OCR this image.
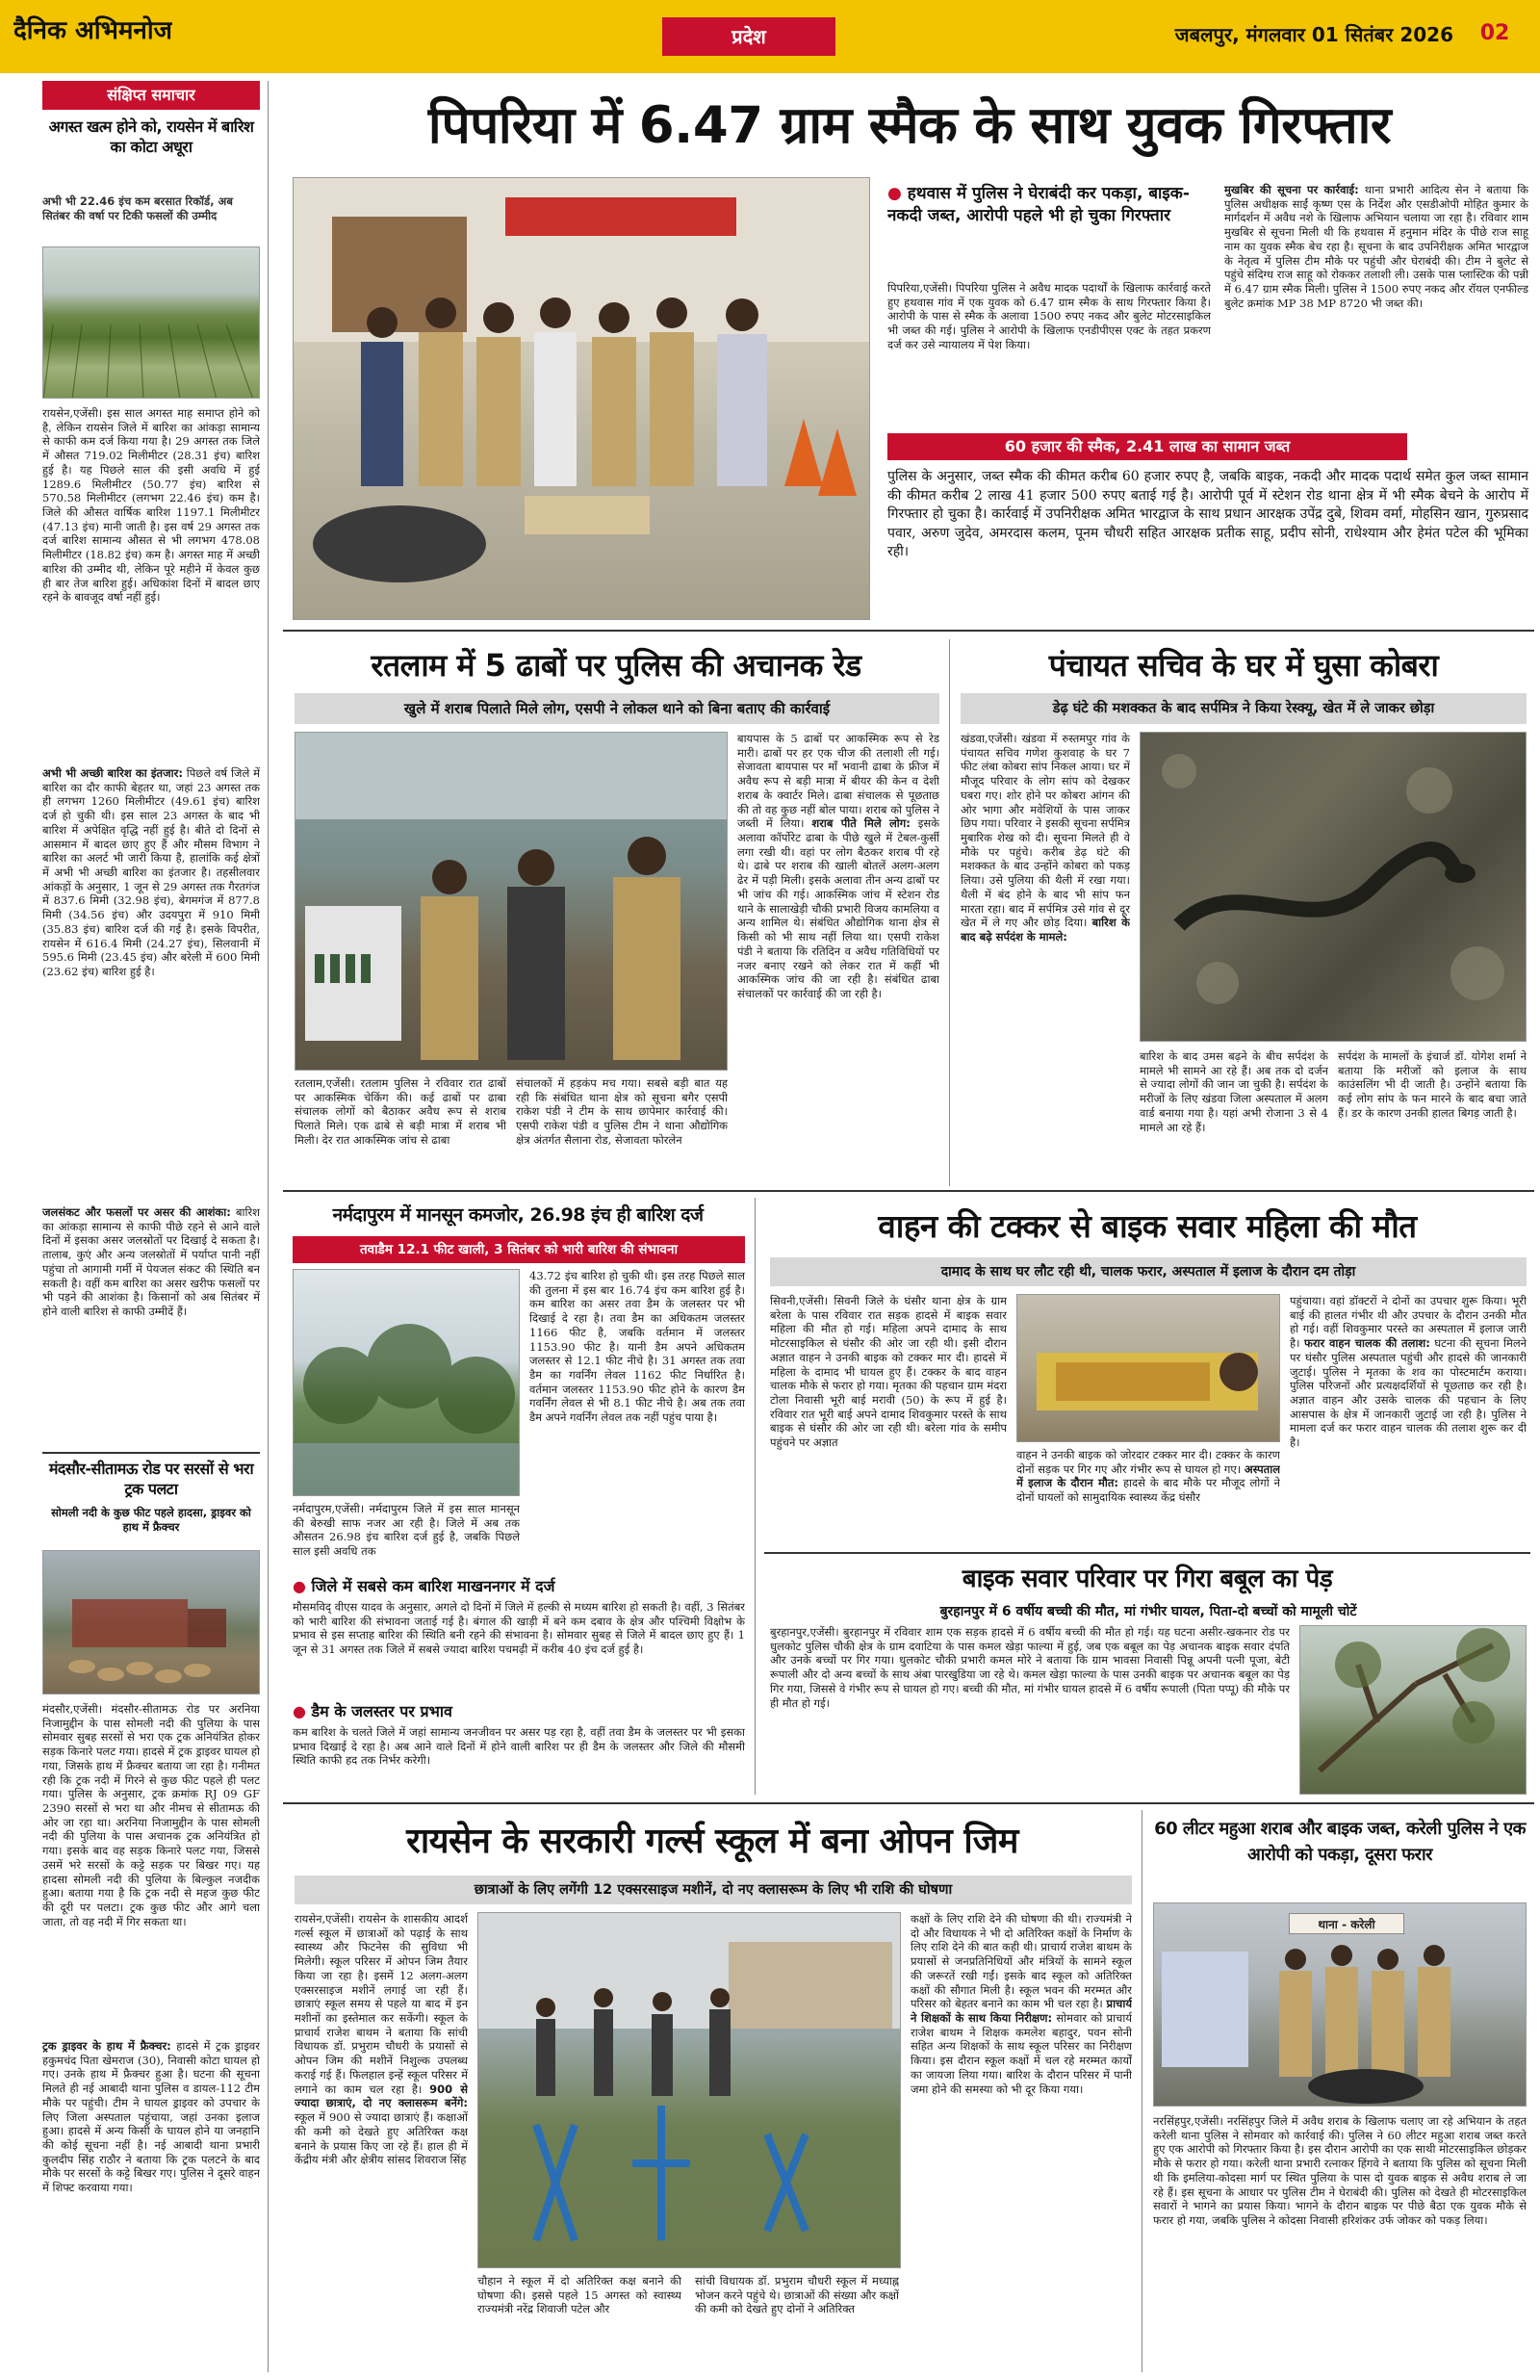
दैनिक अभिमनोज	प्रदेश	जबलपुर, मंगलवार 01 सितंबर 2026	02
संक्षिप्त समाचार
अगस्त खत्म होने को, रायसेन में बारिश का कोटा अधूरा
अभी भी 22.46 इंच कम बरसात रिकॉर्ड, अब सितंबर की वर्षा पर टिकी फसलों की उम्मीद
रायसेन,एजेंसी। इस साल अगस्त माह समाप्त होने को है, लेकिन रायसेन जिले में बारिश का आंकड़ा सामान्य से काफी कम दर्ज किया गया है। 29 अगस्त तक जिले में औसत 719.02 मिलीमीटर (28.31 इंच) बारिश हुई है। यह पिछले साल की इसी अवधि में हुई 1289.6 मिलीमीटर (50.77 इंच) बारिश से 570.58 मिलीमीटर (लगभग 22.46 इंच) कम है। जिले की औसत वार्षिक बारिश 1197.1 मिलीमीटर (47.13 इंच) मानी जाती है। इस वर्ष 29 अगस्त तक दर्ज बारिश सामान्य औसत से भी लगभग 478.08 मिलीमीटर (18.82 इंच) कम है। अगस्त माह में अच्छी बारिश की उम्मीद थी, लेकिन पूरे महीने में केवल कुछ ही बार तेज बारिश हुई। अधिकांश दिनों में बादल छाए रहने के बावजूद वर्षा नहीं हुई।
अभी भी अच्छी बारिश का इंतजार: पिछले वर्ष जिले में बारिश का दौर काफी बेहतर था, जहां 23 अगस्त तक ही लगभग 1260 मिलीमीटर (49.61 इंच) बारिश दर्ज हो चुकी थी। इस साल 23 अगस्त के बाद भी बारिश में अपेक्षित वृद्धि नहीं हुई है। बीते दो दिनों से आसमान में बादल छाए हुए हैं और मौसम विभाग ने बारिश का अलर्ट भी जारी किया है, हालांकि कई क्षेत्रों में अभी भी अच्छी बारिश का इंतजार है। तहसीलवार आंकड़ों के अनुसार, 1 जून से 29 अगस्त तक गैरतगंज में 837.6 मिमी (32.98 इंच), बेगमगंज में 877.8 मिमी (34.56 इंच) और उदयपुरा में 910 मिमी (35.83 इंच) बारिश दर्ज की गई है। इसके विपरीत, रायसेन में 616.4 मिमी (24.27 इंच), सिलवानी में 595.6 मिमी (23.45 इंच) और बरेली में 600 मिमी (23.62 इंच) बारिश हुई है।
जलसंकट और फसलों पर असर की आशंका: बारिश का आंकड़ा सामान्य से काफी पीछे रहने से आने वाले दिनों में इसका असर जलस्रोतों पर दिखाई दे सकता है। तालाब, कुएं और अन्य जलस्रोतों में पर्याप्त पानी नहीं पहुंचा तो आगामी गर्मी में पेयजल संकट की स्थिति बन सकती है। वहीं कम बारिश का असर खरीफ फसलों पर भी पड़ने की आशंका है। किसानों को अब सितंबर में होने वाली बारिश से काफी उम्मीदें हैं।
मंदसौर-सीतामऊ रोड पर सरसों से भरा ट्रक पलटा
सोमली नदी के कुछ फीट पहले हादसा, ड्राइवर को हाथ में फ्रैक्चर
मंदसौर,एजेंसी। मंदसौर-सीतामऊ रोड पर अरनिया निजामुद्दीन के पास सोमली नदी की पुलिया के पास सोमवार सुबह सरसों से भरा एक ट्रक अनियंत्रित होकर सड़क किनारे पलट गया। हादसे में ट्रक ड्राइवर घायल हो गया, जिसके हाथ में फ्रैक्चर बताया जा रहा है। गनीमत रही कि ट्रक नदी में गिरने से कुछ फीट पहले ही पलट गया। पुलिस के अनुसार, ट्रक क्रमांक RJ 09 GF 2390 सरसों से भरा था और नीमच से सीतामऊ की ओर जा रहा था। अरनिया निजामुद्दीन के पास सोमली नदी की पुलिया के पास अचानक ट्रक अनियंत्रित हो गया। इसके बाद वह सड़क किनारे पलट गया, जिससे उसमें भरे सरसों के कट्टे सड़क पर बिखर गए। यह हादसा सोमली नदी की पुलिया के बिल्कुल नजदीक हुआ। बताया गया है कि ट्रक नदी से महज कुछ फीट की दूरी पर पलटा। ट्रक कुछ फीट और आगे चला जाता, तो वह नदी में गिर सकता था।
ट्रक ड्राइवर के हाथ में फ्रैक्चर: हादसे में ट्रक ड्राइवर हकुमचंद पिता खेमराज (30), निवासी कोटा घायल हो गए। उनके हाथ में फ्रैक्चर हुआ है। घटना की सूचना मिलते ही नई आबादी थाना पुलिस व डायल-112 टीम मौके पर पहुंची। टीम ने घायल ड्राइवर को उपचार के लिए जिला अस्पताल पहुंचाया, जहां उनका इलाज हुआ। हादसे में अन्य किसी के घायल होने या जनहानि की कोई सूचना नहीं है। नई आबादी थाना प्रभारी कुलदीप सिंह राठौर ने बताया कि ट्रक पलटने के बाद मौके पर सरसों के कट्टे बिखर गए। पुलिस ने दूसरे वाहन में शिफ्ट करवाया गया।
पिपरिया में 6.47 ग्राम स्मैक के साथ युवक गिरफ्तार
● हथवास में पुलिस ने घेराबंदी कर पकड़ा, बाइक-नकदी जब्त, आरोपी पहले भी हो चुका गिरफ्तार
पिपरिया,एजेंसी। पिपरिया पुलिस ने अवैध मादक पदार्थों के खिलाफ कार्रवाई करते हुए हथवास गांव में एक युवक को 6.47 ग्राम स्मैक के साथ गिरफ्तार किया है। आरोपी के पास से स्मैक के अलावा 1500 रुपए नकद और बुलेट मोटरसाइकिल भी जब्त की गई। पुलिस ने आरोपी के खिलाफ एनडीपीएस एक्ट के तहत प्रकरण दर्ज कर उसे न्यायालय में पेश किया।
मुखबिर की सूचना पर कार्रवाई: थाना प्रभारी आदित्य सेन ने बताया कि पुलिस अधीक्षक साईं कृष्ण एस के निर्देश और एसडीओपी मोहित कुमार के मार्गदर्शन में अवैध नशे के खिलाफ अभियान चलाया जा रहा है। रविवार शाम मुखबिर से सूचना मिली थी कि हथवास में हनुमान मंदिर के पीछे राज साहू नाम का युवक स्मैक बेच रहा है। सूचना के बाद उपनिरीक्षक अमित भारद्वाज के नेतृत्व में पुलिस टीम मौके पर पहुंची और घेराबंदी की। टीम ने बुलेट से पहुंचे संदिग्ध राज साहू को रोककर तलाशी ली। उसके पास प्लास्टिक की पन्नी में 6.47 ग्राम स्मैक मिली। पुलिस ने 1500 रुपए नकद और रॉयल एनफील्ड बुलेट क्रमांक MP 38 MP 8720 भी जब्त की।
60 हजार की स्मैक, 2.41 लाख का सामान जब्त
पुलिस के अनुसार, जब्त स्मैक की कीमत करीब 60 हजार रुपए है, जबकि बाइक, नकदी और मादक पदार्थ समेत कुल जब्त सामान की कीमत करीब 2 लाख 41 हजार 500 रुपए बताई गई है। आरोपी पूर्व में स्टेशन रोड थाना क्षेत्र में भी स्मैक बेचने के आरोप में गिरफ्तार हो चुका है। कार्रवाई में उपनिरीक्षक अमित भारद्वाज के साथ प्रधान आरक्षक उपेंद्र दुबे, शिवम वर्मा, मोहसिन खान, गुरुप्रसाद पवार, अरुण जुदेव, अमरदास कलम, पूनम चौधरी सहित आरक्षक प्रतीक साहू, प्रदीप सोनी, राधेश्याम और हेमंत पटेल की भूमिका रही।
रतलाम में 5 ढाबों पर पुलिस की अचानक रेड
खुले में शराब पिलाते मिले लोग, एसपी ने लोकल थाने को बिना बताए की कार्रवाई
बायपास के 5 ढाबों पर आकस्मिक रूप से रेड मारी। ढाबों पर हर एक चीज की तलाशी ली गई। सेजावता बायपास पर माँ भवानी ढाबा के फ्रीज में अवैध रूप से बड़ी मात्रा में बीयर की केन व देशी शराब के क्वार्टर मिले। ढाबा संचालक से पूछताछ की तो वह कुछ नहीं बोल पाया। शराब को पुलिस ने जब्ती में लिया। शराब पीते मिले लोग: इसके अलावा कॉर्पोरेट ढाबा के पीछे खुले में टेबल-कुर्सी लगा रखी थी। वहां पर लोग बैठकर शराब पी रहे थे। ढाबे पर शराब की खाली बोतलें अलग-अलग ढेर में पड़ी मिली। इसके अलावा तीन अन्य ढाबों पर भी जांच की गई। आकस्मिक जांच में स्टेशन रोड थाने के सालाखेड़ी चौकी प्रभारी विजय कामलिया व अन्य शामिल थे। संबंधित औद्योगिक थाना क्षेत्र से किसी को भी साथ नहीं लिया था। एसपी राकेश पंडी ने बताया कि रतिदिन व अवैध गतिविधियों पर नजर बनाए रखने को लेकर रात में कहीं भी आकस्मिक जांच की जा रही है। संबंधित ढाबा संचालकों पर कार्रवाई की जा रही है।
रतलाम,एजेंसी। रतलाम पुलिस ने रविवार रात ढाबों पर आकस्मिक चेकिंग की। कई ढाबों पर ढाबा संचालक लोगों को बैठाकर अवैध रूप से शराब पिलाते मिले। एक ढाबे से बड़ी मात्रा में शराब भी मिली। देर रात आकस्मिक जांच से ढाबा
संचालकों में हड़कंप मच गया। सबसे बड़ी बात यह रही कि संबंधित थाना क्षेत्र को सूचना बगैर एसपी राकेश पंडी ने टीम के साथ छापेमार कार्रवाई की। एसपी राकेश पंडी व पुलिस टीम ने थाना औद्योगिक क्षेत्र अंतर्गत सैलाना रोड, सेजावता फोरलेन
पंचायत सचिव के घर में घुसा कोबरा
डेढ़ घंटे की मशक्कत के बाद सर्पमित्र ने किया रेस्क्यू, खेत में ले जाकर छोड़ा
खंडवा,एजेंसी। खंडवा में रुस्तमपुर गांव के पंचायत सचिव गणेश कुशवाह के घर 7 फीट लंबा कोबरा सांप निकल आया। घर में मौजूद परिवार के लोग सांप को देखकर घबरा गए। शोर होने पर कोबरा आंगन की ओर भागा और मवेशियों के पास जाकर छिप गया। परिवार ने इसकी सूचना सर्पमित्र मुबारिक शेख को दी। सूचना मिलते ही वे मौके पर पहुंचे। करीब डेढ़ घंटे की मशक्कत के बाद उन्होंने कोबरा को पकड़ लिया। उसे पुलिया की थैली में रखा गया। थैली में बंद होने के बाद भी सांप फन मारता रहा। बाद में सर्पमित्र उसे गांव से दूर खेत में ले गए और छोड़ दिया। बारिश के बाद बढ़े सर्पदंश के मामले:
बारिश के बाद उमस बढ़ने के बीच सर्पदंश के मामले भी सामने आ रहे हैं। अब तक दो दर्जन से ज्यादा लोगों की जान जा चुकी है। सर्पदंश के मरीजों के लिए खंडवा जिला अस्पताल में अलग वार्ड बनाया गया है। यहां अभी रोजाना 3 से 4 मामले आ रहे हैं।
सर्पदंश के मामलों के इंचार्ज डॉ. योगेश शर्मा ने बताया कि मरीजों को इलाज के साथ काउंसलिंग भी दी जाती है। उन्होंने बताया कि कई लोग सांप के फन मारने के बाद बचा जाते हैं। डर के कारण उनकी हालत बिगड़ जाती है।
नर्मदापुरम में मानसून कमजोर, 26.98 इंच ही बारिश दर्ज
तवाडैम 12.1 फीट खाली, 3 सितंबर को भारी बारिश की संभावना
43.72 इंच बारिश हो चुकी थी। इस तरह पिछले साल की तुलना में इस बार 16.74 इंच कम बारिश हुई है। कम बारिश का असर तवा डैम के जलस्तर पर भी दिखाई दे रहा है। तवा डैम का अधिकतम जलस्तर 1166 फीट है, जबकि वर्तमान में जलस्तर 1153.90 फीट है। यानी डैम अपने अधिकतम जलस्तर से 12.1 फीट नीचे है। 31 अगस्त तक तवा डैम का गवर्निंग लेवल 1162 फीट निर्धारित है। वर्तमान जलस्तर 1153.90 फीट होने के कारण डैम गवर्निंग लेवल से भी 8.1 फीट नीचे है। अब तक तवा डैम अपने गवर्निंग लेवल तक नहीं पहुंच पाया है।
नर्मदापुरम,एजेंसी। नर्मदापुरम जिले में इस साल मानसून की बेरुखी साफ नजर आ रही है। जिले में अब तक औसतन 26.98 इंच बारिश दर्ज हुई है, जबकि पिछले साल इसी अवधि तक
● जिले में सबसे कम बारिश माखननगर में दर्ज
मौसमविद् वीएस यादव के अनुसार, अगले दो दिनों में जिले में हल्की से मध्यम बारिश हो सकती है। वहीं, 3 सितंबर को भारी बारिश की संभावना जताई गई है। बंगाल की खाड़ी में बने कम दबाव के क्षेत्र और पश्चिमी विक्षोभ के प्रभाव से इस सप्ताह बारिश की स्थिति बनी रहने की संभावना है। सोमवार सुबह से जिले में बादल छाए हुए हैं। 1 जून से 31 अगस्त तक जिले में सबसे ज्यादा बारिश पचमढ़ी में करीब 40 इंच दर्ज हुई है।
● डैम के जलस्तर पर प्रभाव
कम बारिश के चलते जिले में जहां सामान्य जनजीवन पर असर पड़ रहा है, वहीं तवा डैम के जलस्तर पर भी इसका प्रभाव दिखाई दे रहा है। अब आने वाले दिनों में होने वाली बारिश पर ही डैम के जलस्तर और जिले की मौसमी स्थिति काफी हद तक निर्भर करेगी।
वाहन की टक्कर से बाइक सवार महिला की मौत
दामाद के साथ घर लौट रही थी, चालक फरार, अस्पताल में इलाज के दौरान दम तोड़ा
सिवनी,एजेंसी। सिवनी जिले के घंसौर थाना क्षेत्र के ग्राम बरेला के पास रविवार रात सड़क हादसे में बाइक सवार महिला की मौत हो गई। महिला अपने दामाद के साथ मोटरसाइकिल से घंसौर की ओर जा रही थी। इसी दौरान अज्ञात वाहन ने उनकी बाइक को टक्कर मार दी। हादसे में महिला के दामाद भी घायल हुए हैं। टक्कर के बाद वाहन चालक मौके से फरार हो गया। मृतका की पहचान ग्राम मंदरा टोला निवासी भूरी बाई मरावी (50) के रूप में हुई है। रविवार रात भूरी बाई अपने दामाद शिवकुमार परस्ते के साथ बाइक से घंसौर की ओर जा रही थी। बरेला गांव के समीप पहुंचने पर अज्ञात
वाहन ने उनकी बाइक को जोरदार टक्कर मार दी। टक्कर के कारण दोनों सड़क पर गिर गए और गंभीर रूप से घायल हो गए। अस्पताल में इलाज के दौरान मौत: हादसे के बाद मौके पर मौजूद लोगों ने दोनों घायलों को सामुदायिक स्वास्थ्य केंद्र घंसौर
पहुंचाया। वहां डॉक्टरों ने दोनों का उपचार शुरू किया। भूरी बाई की हालत गंभीर थी और उपचार के दौरान उनकी मौत हो गई। वहीं शिवकुमार परस्ते का अस्पताल में इलाज जारी है। फरार वाहन चालक की तलाश: घटना की सूचना मिलने पर घंसौर पुलिस अस्पताल पहुंची और हादसे की जानकारी जुटाई। पुलिस ने मृतका के शव का पोस्टमार्टम कराया। पुलिस परिजनों और प्रत्यक्षदर्शियों से पूछताछ कर रही है। अज्ञात वाहन और उसके चालक की पहचान के लिए आसपास के क्षेत्र में जानकारी जुटाई जा रही है। पुलिस ने मामला दर्ज कर फरार वाहन चालक की तलाश शुरू कर दी है।
बाइक सवार परिवार पर गिरा बबूल का पेड़
बुरहानपुर में 6 वर्षीय बच्ची की मौत, मां गंभीर घायल, पिता-दो बच्चों को मामूली चोटें
बुरहानपुर,एजेंसी। बुरहानपुर में रविवार शाम एक सड़क हादसे में 6 वर्षीय बच्ची की मौत हो गई। यह घटना असीर-खकनार रोड पर धुलकोट पुलिस चौकी क्षेत्र के ग्राम दवाटिया के पास कमल खेड़ा फाल्या में हुई, जब एक बबूल का पेड़ अचानक बाइक सवार दंपति और उनके बच्चों पर गिर गया। धुलकोट चौकी प्रभारी कमल मोरे ने बताया कि ग्राम भावसा निवासी पिन्नू अपनी पत्नी पूजा, बेटी रूपाली और दो अन्य बच्चों के साथ अंबा पारखुडिया जा रहे थे। कमल खेड़ा फाल्या के पास उनकी बाइक पर अचानक बबूल का पेड़ गिर गया, जिससे वे गंभीर रूप से घायल हो गए। बच्ची की मौत, मां गंभीर घायल हादसे में 6 वर्षीय रूपाली (पिता पप्पू) की मौके पर ही मौत हो गई।
रायसेन के सरकारी गर्ल्स स्कूल में बना ओपन जिम
छात्राओं के लिए लगेंगी 12 एक्सरसाइज मशीनें, दो नए क्लासरूम के लिए भी राशि की घोषणा
रायसेन,एजेंसी। रायसेन के शासकीय आदर्श गर्ल्स स्कूल में छात्राओं को पढ़ाई के साथ स्वास्थ्य और फिटनेस की सुविधा भी मिलेगी। स्कूल परिसर में ओपन जिम तैयार किया जा रहा है। इसमें 12 अलग-अलग एक्सरसाइज मशीनें लगाई जा रही हैं। छात्राएं स्कूल समय से पहले या बाद में इन मशीनों का इस्तेमाल कर सकेंगी। स्कूल के प्राचार्य राजेश बाथम ने बताया कि सांची विधायक डॉ. प्रभुराम चौधरी के प्रयासों से ओपन जिम की मशीनें निशुल्क उपलब्ध कराई गई हैं। फिलहाल इन्हें स्कूल परिसर में लगाने का काम चल रहा है। 900 से ज्यादा छात्राएं, दो नए क्लासरूम बनेंगे: स्कूल में 900 से ज्यादा छात्राएं हैं। कक्षाओं की कमी को देखते हुए अतिरिक्त कक्ष बनाने के प्रयास किए जा रहे हैं। हाल ही में केंद्रीय मंत्री और क्षेत्रीय सांसद शिवराज सिंह
चौहान ने स्कूल में दो अतिरिक्त कक्ष बनाने की घोषणा की। इससे पहले 15 अगस्त को स्वास्थ्य राज्यमंत्री नरेंद्र शिवाजी पटेल और
सांची विधायक डॉ. प्रभुराम चौधरी स्कूल में मध्याह्न भोजन करने पहुंचे थे। छात्राओं की संख्या और कक्षों की कमी को देखते हुए दोनों ने अतिरिक्त
कक्षों के लिए राशि देने की घोषणा की थी। राज्यमंत्री ने दो और विधायक ने भी दो अतिरिक्त कक्षों के निर्माण के लिए राशि देने की बात कही थी। प्राचार्य राजेश बाथम के प्रयासों से जनप्रतिनिधियों और मंत्रियों के सामने स्कूल की जरूरतें रखी गईं। इसके बाद स्कूल को अतिरिक्त कक्षों की सौगात मिली है। स्कूल भवन की मरम्मत और परिसर को बेहतर बनाने का काम भी चल रहा है। प्राचार्य ने शिक्षकों के साथ किया निरीक्षण: सोमवार को प्राचार्य राजेश बाथम ने शिक्षक कमलेश बहादुर, पवन सोनी सहित अन्य शिक्षकों के साथ स्कूल परिसर का निरीक्षण किया। इस दौरान स्कूल कक्षों में चल रहे मरम्मत कार्यों का जायजा लिया गया। बारिश के दौरान परिसर में पानी जमा होने की समस्या को भी दूर किया गया।
60 लीटर महुआ शराब और बाइक जब्त, करेली पुलिस ने एक आरोपी को पकड़ा, दूसरा फरार
थाना - करेली
नरसिंहपुर,एजेंसी। नरसिंहपुर जिले में अवैध शराब के खिलाफ चलाए जा रहे अभियान के तहत करेली थाना पुलिस ने सोमवार को कार्रवाई की। पुलिस ने 60 लीटर महुआ शराब जब्त करते हुए एक आरोपी को गिरफ्तार किया है। इस दौरान आरोपी का एक साथी मोटरसाइकिल छोड़कर मौके से फरार हो गया। करेली थाना प्रभारी रत्नाकर हिंगवे ने बताया कि पुलिस को सूचना मिली थी कि इमलिया-कोदसा मार्ग पर स्थित पुलिया के पास दो युवक बाइक से अवैध शराब ले जा रहे हैं। इस सूचना के आधार पर पुलिस टीम ने घेराबंदी की। पुलिस को देखते ही मोटरसाइकिल सवारों ने भागने का प्रयास किया। भागने के दौरान बाइक पर पीछे बैठा एक युवक मौके से फरार हो गया, जबकि पुलिस ने कोदसा निवासी हरिशंकर उर्फ जोकर को पकड़ लिया।
